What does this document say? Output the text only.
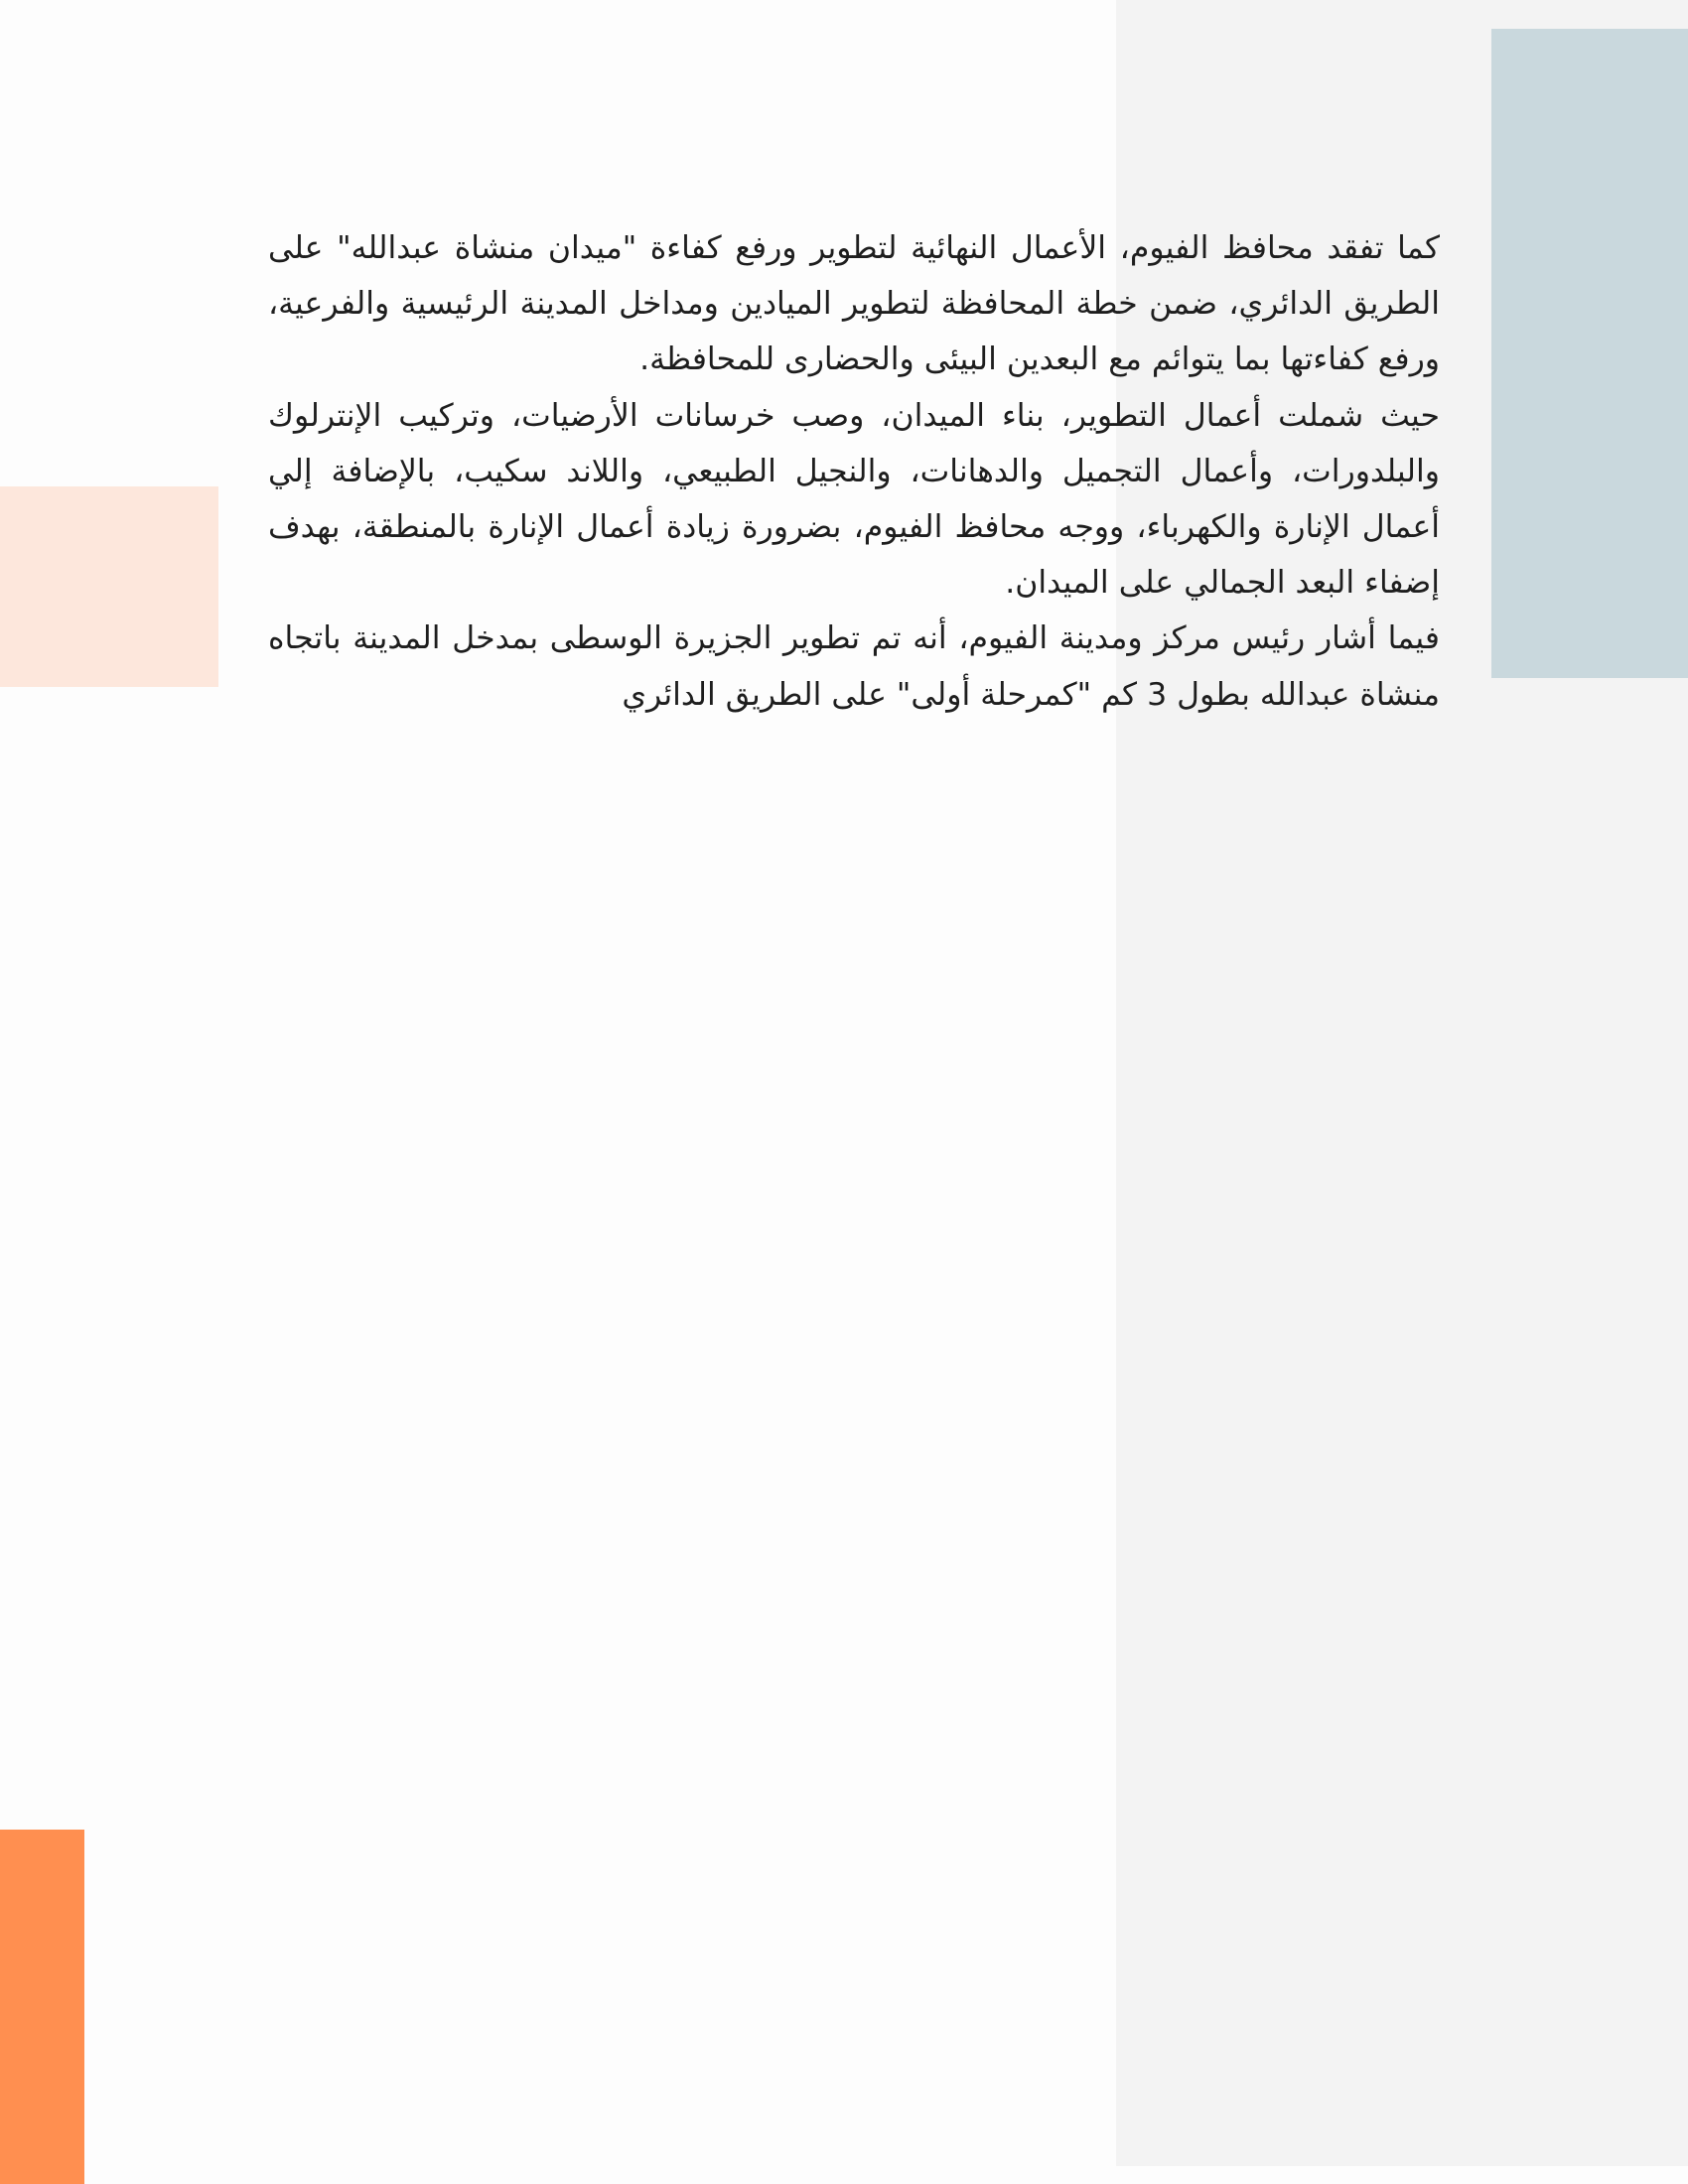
كما تفقد محافظ الفيوم، الأعمال النهائية لتطوير ورفع كفاءة "ميدان منشاة عبدالله" على الطريق الدائري، ضمن خطة المحافظة لتطوير الميادين ومداخل المدينة الرئيسية والفرعية، ورفع كفاءتها بما يتوائم مع البعدين البيئى والحضارى للمحافظة.

حيث شملت أعمال التطوير، بناء الميدان، وصب خرسانات الأرضيات، وتركيب الإنترلوك والبلدورات، وأعمال التجميل والدهانات، والنجيل الطبيعي، واللاند سكيب، بالإضافة إلي أعمال الإنارة والكهرباء، ووجه محافظ الفيوم، بضرورة زيادة أعمال الإنارة بالمنطقة، بهدف إضفاء البعد الجمالي على الميدان.

فيما أشار رئيس مركز ومدينة الفيوم، أنه تم تطوير الجزيرة الوسطى بمدخل المدينة باتجاه منشاة عبدالله بطول 3 كم "كمرحلة أولى" على الطريق الدائري
